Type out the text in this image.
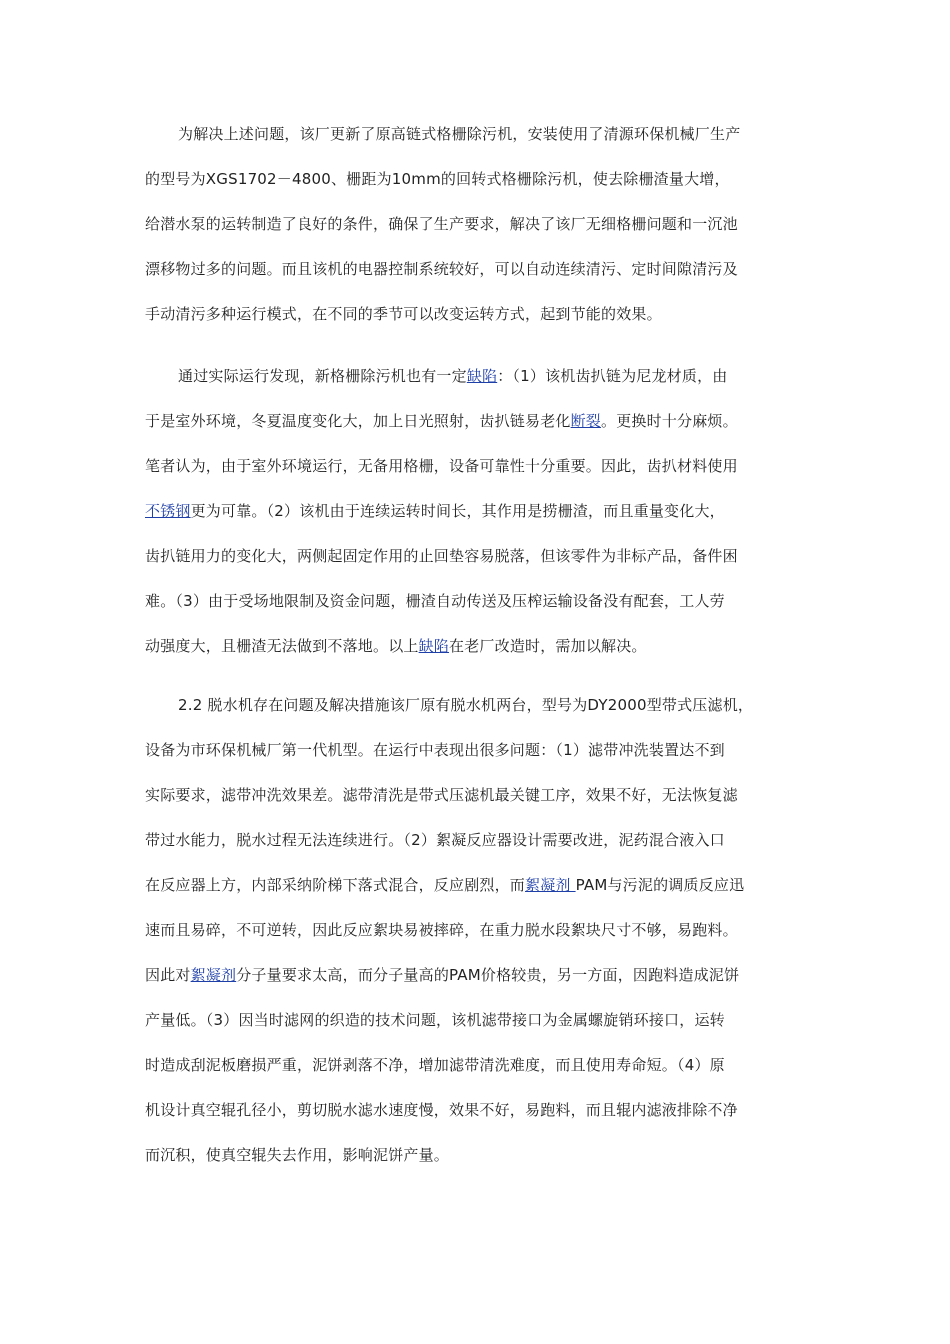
为解决上述问题，该厂更新了原高链式格栅除污机，安装使用了清源环保机械厂生产
的型号为XGS1702－4800、栅距为10mm的回转式格栅除污机，使去除栅渣量大增，
给潜水泵的运转制造了良好的条件，确保了生产要求，解决了该厂无细格栅问题和一沉池
漂移物过多的问题。而且该机的电器控制系统较好，可以自动连续清污、定时间隙清污及
手动清污多种运行模式，在不同的季节可以改变运转方式，起到节能的效果。
通过实际运行发现，新格栅除污机也有一定缺陷：（1）该机齿扒链为尼龙材质，由
于是室外环境，冬夏温度变化大，加上日光照射，齿扒链易老化断裂。更换时十分麻烦。
笔者认为，由于室外环境运行，无备用格栅，设备可靠性十分重要。因此，齿扒材料使用
不锈钢更为可靠。（2）该机由于连续运转时间长，其作用是捞栅渣，而且重量变化大，
齿扒链用力的变化大，两侧起固定作用的止回垫容易脱落，但该零件为非标产品，备件困
难。（3）由于受场地限制及资金问题，栅渣自动传送及压榨运输设备没有配套，工人劳
动强度大，且栅渣无法做到不落地。以上缺陷在老厂改造时，需加以解决。
2.2 脱水机存在问题及解决措施该厂原有脱水机两台，型号为DY2000型带式压滤机，
设备为市环保机械厂第一代机型。在运行中表现出很多问题：（1）滤带冲洗装置达不到
实际要求，滤带冲洗效果差。滤带清洗是带式压滤机最关键工序，效果不好，无法恢复滤
带过水能力，脱水过程无法连续进行。（2）絮凝反应器设计需要改进，泥药混合液入口
在反应器上方，内部采纳阶梯下落式混合，反应剧烈，而絮凝剂 PAM与污泥的调质反应迅
速而且易碎，不可逆转，因此反应絮块易被摔碎，在重力脱水段絮块尺寸不够，易跑料。
因此对絮凝剂分子量要求太高，而分子量高的PAM价格较贵，另一方面，因跑料造成泥饼
产量低。（3）因当时滤网的织造的技术问题，该机滤带接口为金属螺旋销环接口，运转
时造成刮泥板磨损严重，泥饼剥落不净，增加滤带清洗难度，而且使用寿命短。（4）原
机设计真空辊孔径小，剪切脱水滤水速度慢，效果不好，易跑料，而且辊内滤液排除不净
而沉积，使真空辊失去作用，影响泥饼产量。
